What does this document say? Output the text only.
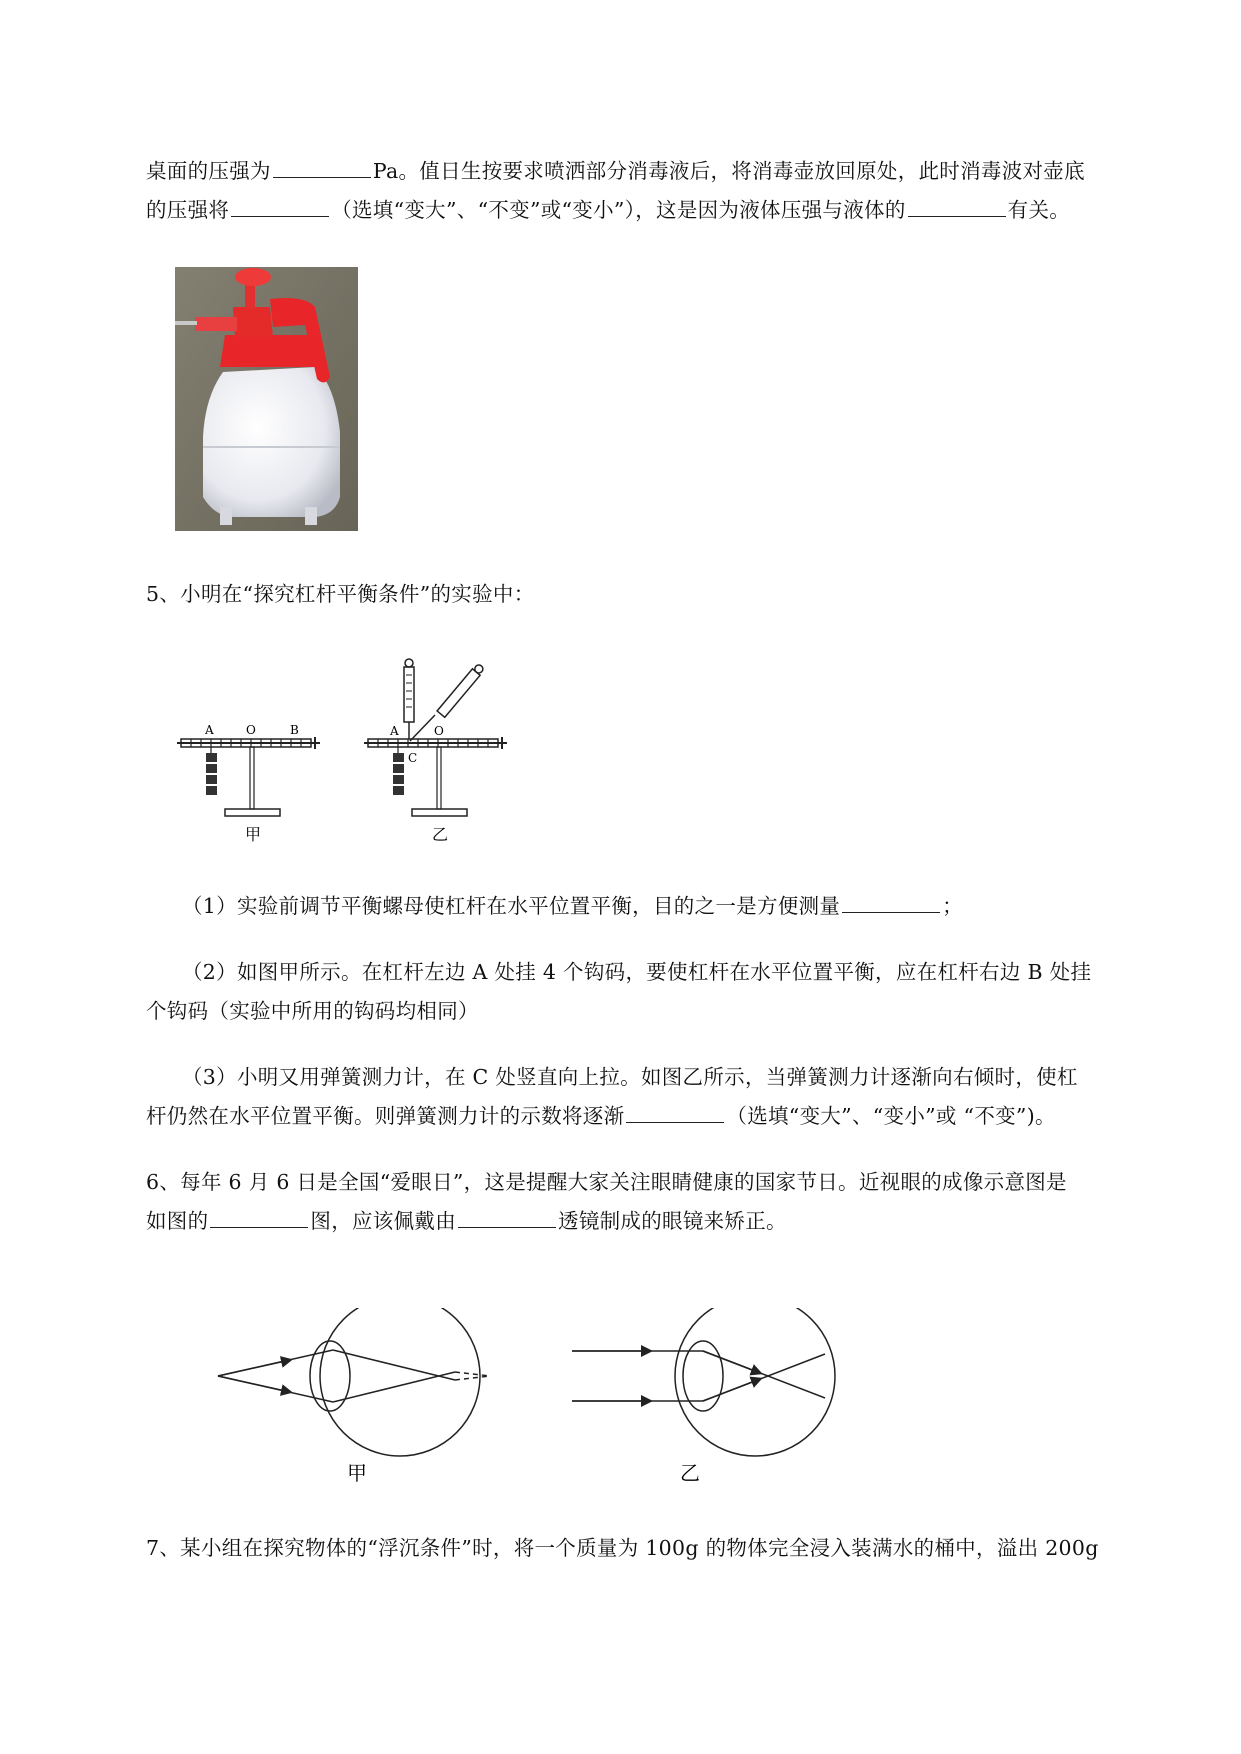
桌面的压强为	Pa。值日生按要求喷洒部分消毒液后，将消毒壶放回原处，此时消毒波对壶底
的压强将	（选填“变大”、“不变”或“变小”），这是因为液体压强与液体的	有关。
5、小明在“探究杠杆平衡条件”的实验中：
A	O	B
甲
A	O
C
乙
（1）实验前调节平衡螺母使杠杆在水平位置平衡，目的之一是方便测量	；
（2）如图甲所示。在杠杆左边 A 处挂 4 个钩码，要使杠杆在水平位置平衡，应在杠杆右边 B 处挂
个钩码（实验中所用的钩码均相同）
（3）小明又用弹簧测力计，在 C 处竖直向上拉。如图乙所示，当弹簧测力计逐渐向右倾时，使杠
杆仍然在水平位置平衡。则弹簧测力计的示数将逐渐	（选填“变大”、“变小”或 “不变”)。
6、每年 6 月 6 日是全国“爱眼日”，这是提醒大家关注眼睛健康的国家节日。近视眼的成像示意图是
如图的	图，应该佩戴由	透镜制成的眼镜来矫正。
甲	乙
7、某小组在探究物体的“浮沉条件”时，将一个质量为 100g 的物体完全浸入装满水的桶中，溢出 200g
